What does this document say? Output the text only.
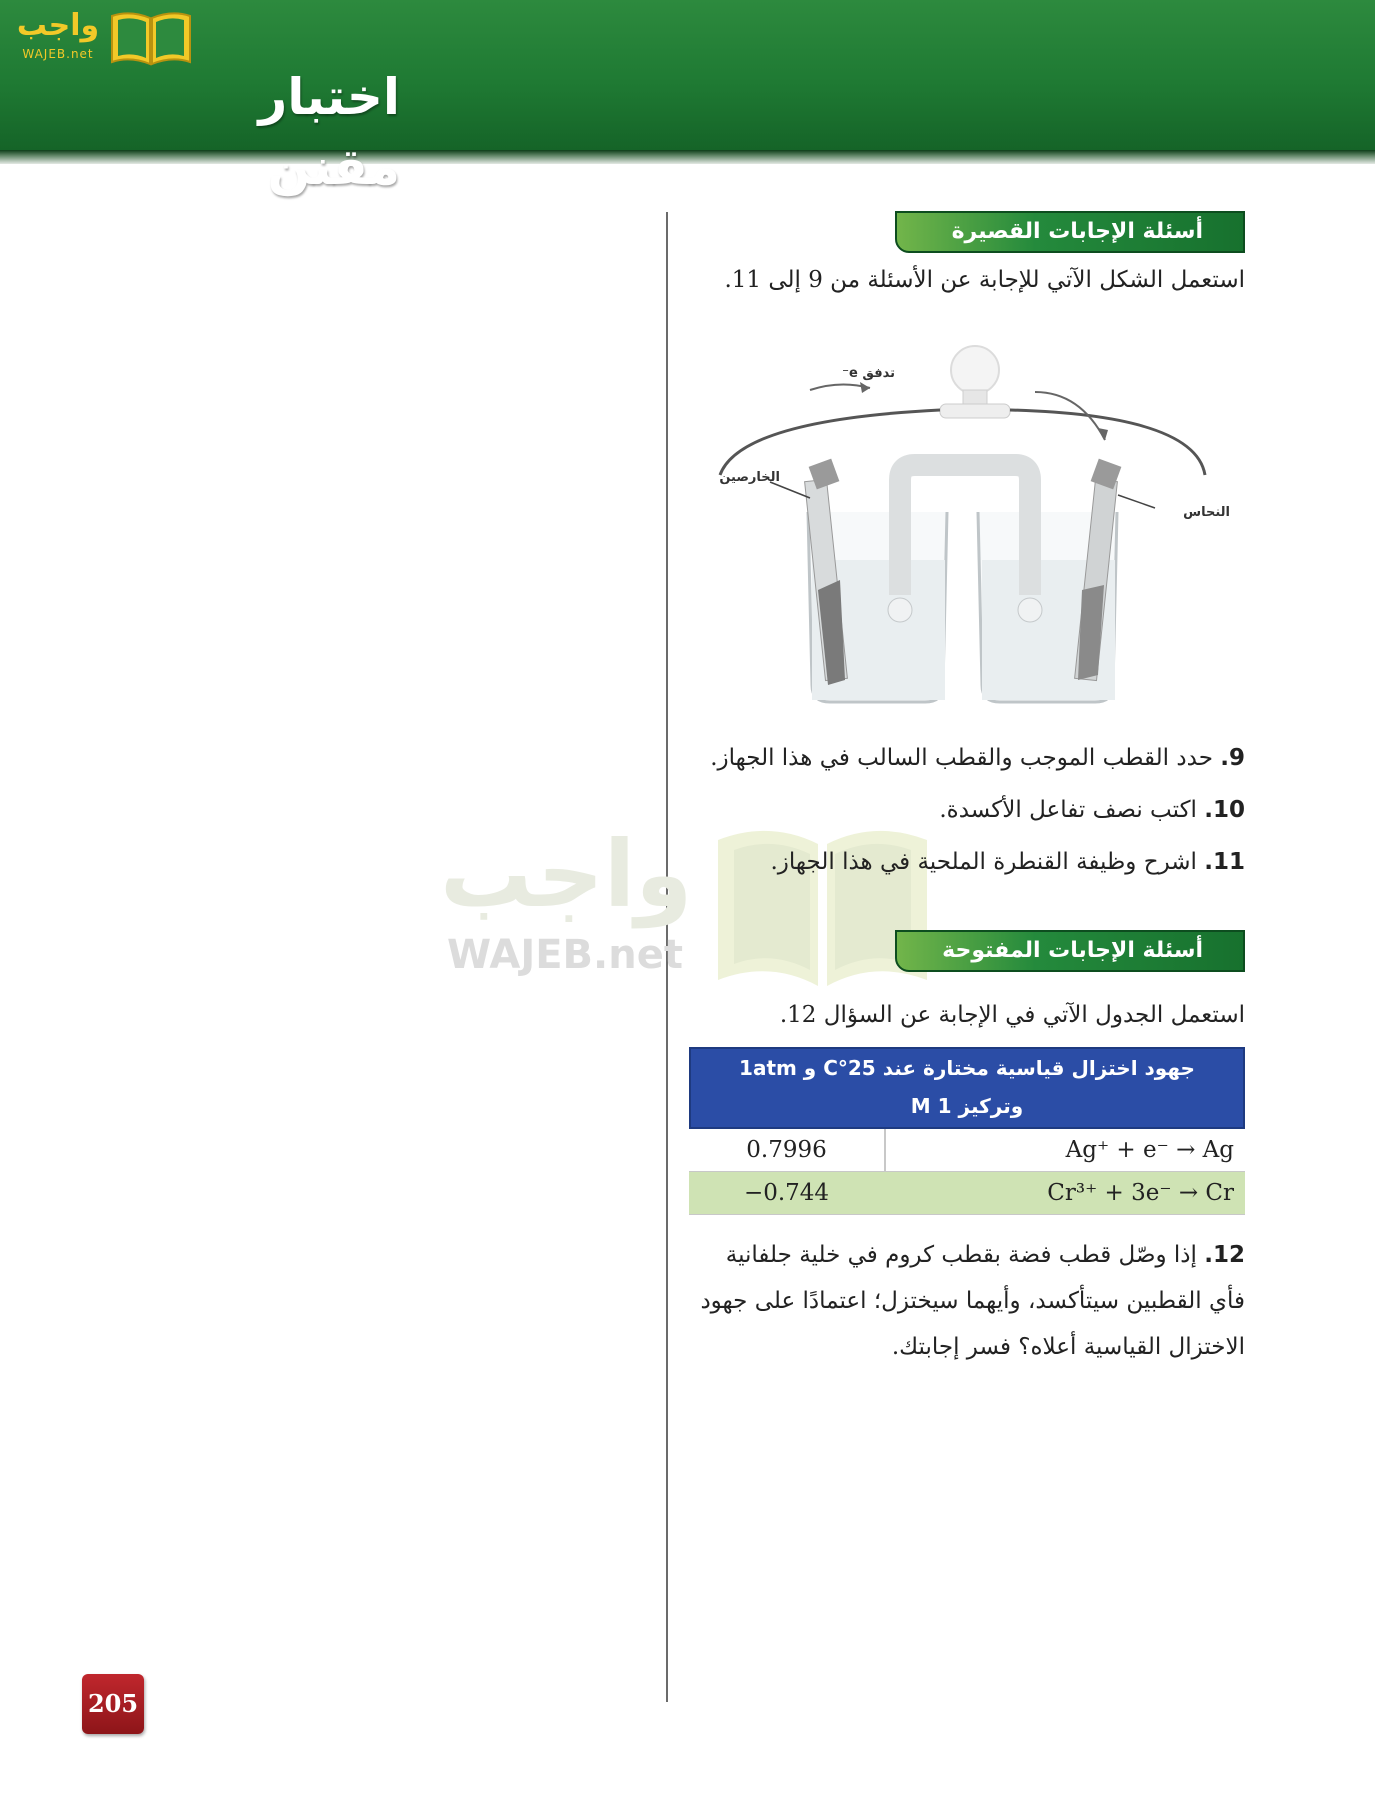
واجب
WAJEB.net
اختبار مقنن
واجب
WAJEB.net
أسئلة الإجابات القصيرة

استعمل الشكل الآتي للإجابة عن الأسئلة من 9 إلى 11.

تدفق e⁻
الخارصين
النحاس
9. حدد القطب الموجب والقطب السالب في هذا الجهاز.
10. اكتب نصف تفاعل الأكسدة.
11. اشرح وظيفة القنطرة الملحية في هذا الجهاز.
أسئلة الإجابات المفتوحة

استعمل الجدول الآتي في الإجابة عن السؤال 12.

جهود اختزال قياسية مختارة عند 25°C و 1atm
وتركيز 1 M
0.7996	Ag⁺ + e⁻ → Ag
−0.744	Cr³⁺ + 3e⁻ → Cr
12. إذا وصّل قطب فضة بقطب كروم في خلية جلفانية فأي القطبين سيتأكسد، وأيهما سيختزل؛ اعتمادًا على جهود الاختزال القياسية أعلاه؟ فسر إجابتك.
205
